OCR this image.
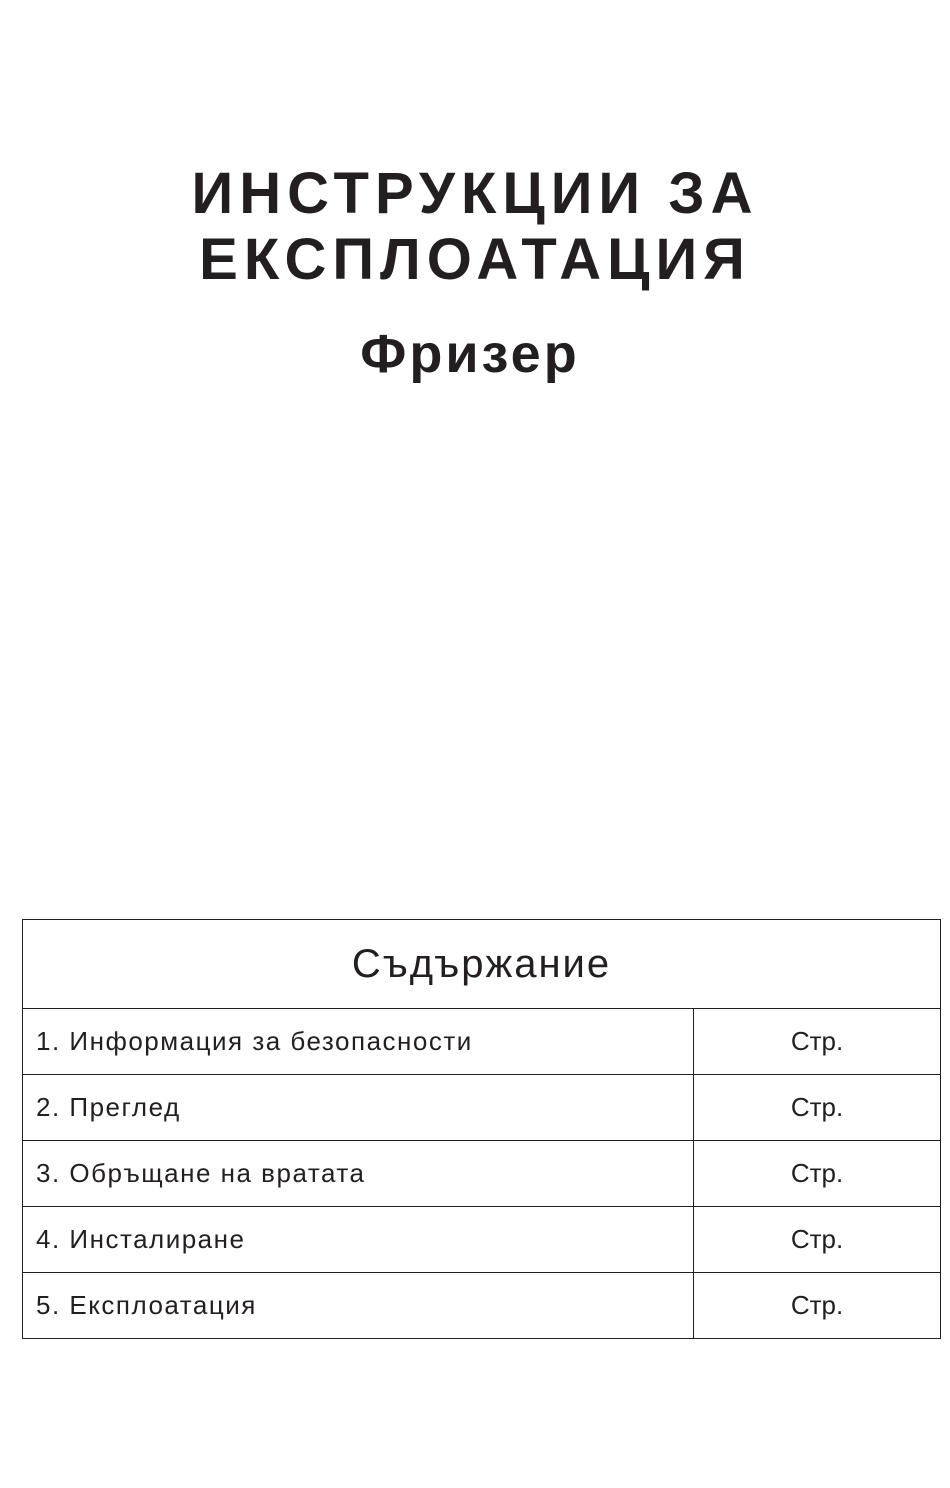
ИНСТРУКЦИИ ЗА
ЕКСПЛОАТАЦИЯ
Фризер
Съдържание	
1. Информация за безопасности	Стр.
2. Преглед	Стр.
3. Обръщане на вратата	Стр.
4. Инсталиране	Стр.
5. Експлоатация	Стр.
